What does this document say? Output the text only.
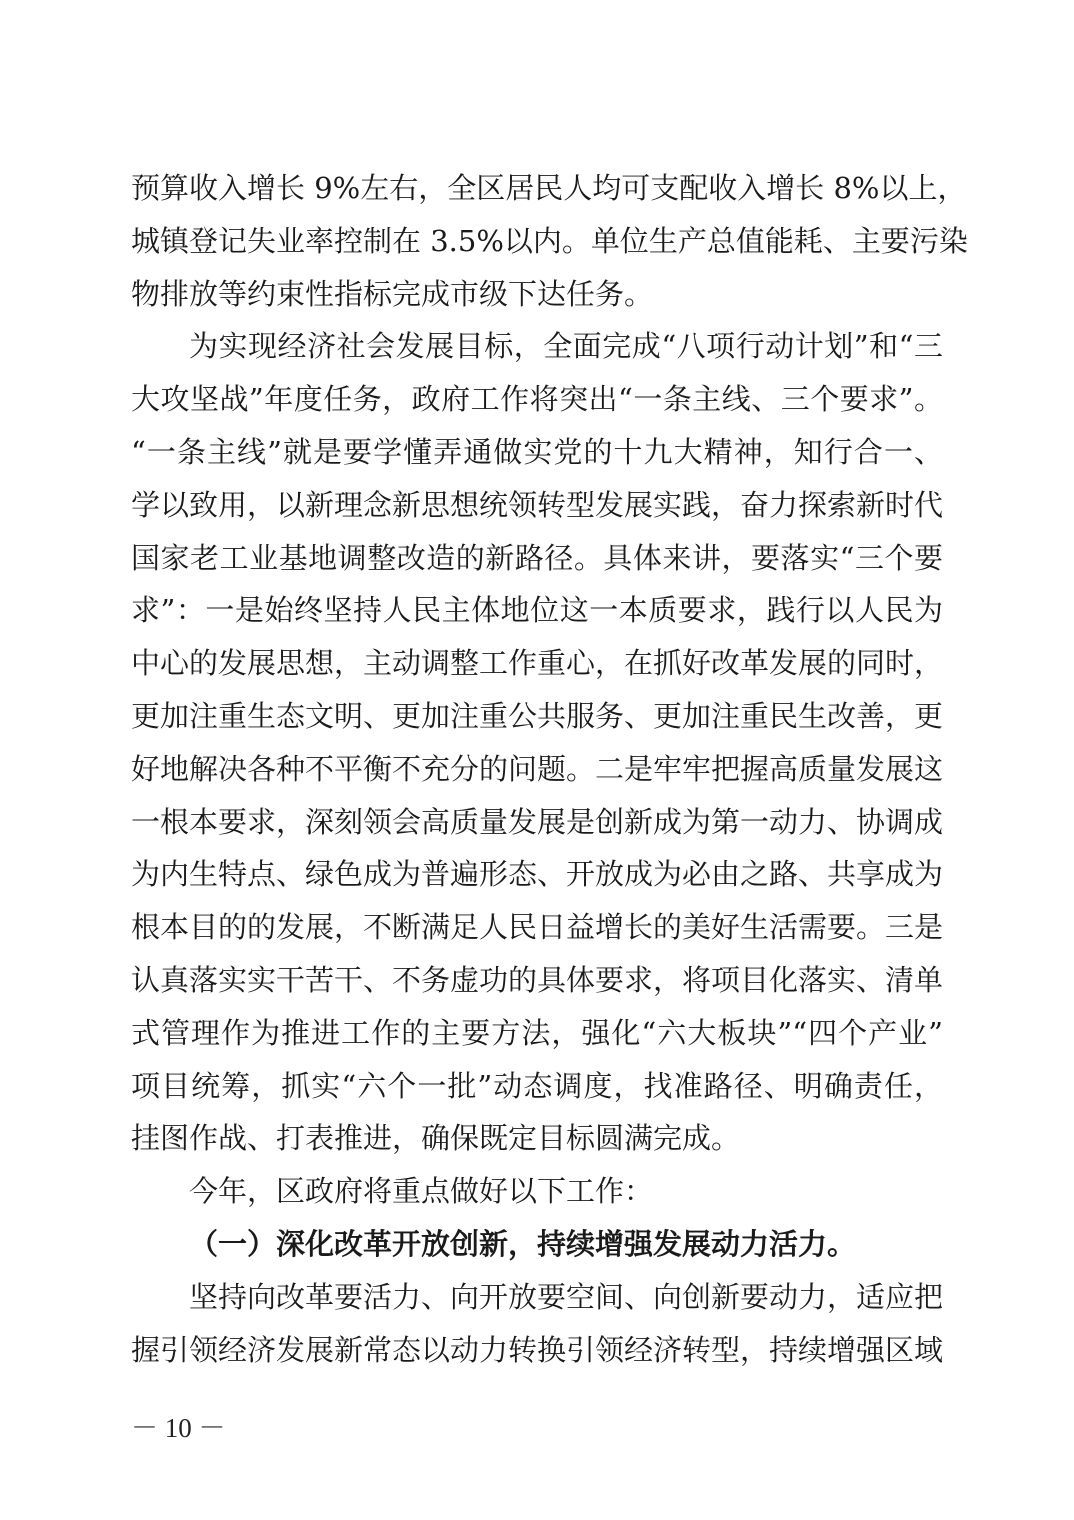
预算收入增长 9%左右，全区居民人均可支配收入增长 8%以上，
城镇登记失业率控制在 3.5%以内。单位生产总值能耗、主要污染
物排放等约束性指标完成市级下达任务。
为实现经济社会发展目标，全面完成“八项行动计划”和“三
大攻坚战”年度任务，政府工作将突出“一条主线、三个要求”。
“一条主线”就是要学懂弄通做实党的十九大精神，知行合一、
学以致用，以新理念新思想统领转型发展实践，奋力探索新时代
国家老工业基地调整改造的新路径。具体来讲，要落实“三个要
求”：一是始终坚持人民主体地位这一本质要求，践行以人民为
中心的发展思想，主动调整工作重心，在抓好改革发展的同时，
更加注重生态文明、更加注重公共服务、更加注重民生改善，更
好地解决各种不平衡不充分的问题。二是牢牢把握高质量发展这
一根本要求，深刻领会高质量发展是创新成为第一动力、协调成
为内生特点、绿色成为普遍形态、开放成为必由之路、共享成为
根本目的的发展，不断满足人民日益增长的美好生活需要。三是
认真落实实干苦干、不务虚功的具体要求，将项目化落实、清单
式管理作为推进工作的主要方法，强化“六大板块”“四个产业”
项目统筹，抓实“六个一批”动态调度，找准路径、明确责任，
挂图作战、打表推进，确保既定目标圆满完成。
今年，区政府将重点做好以下工作：
（一）深化改革开放创新，持续增强发展动力活力。
坚持向改革要活力、向开放要空间、向创新要动力，适应把
握引领经济发展新常态以动力转换引领经济转型，持续增强区域
－ 10 －
